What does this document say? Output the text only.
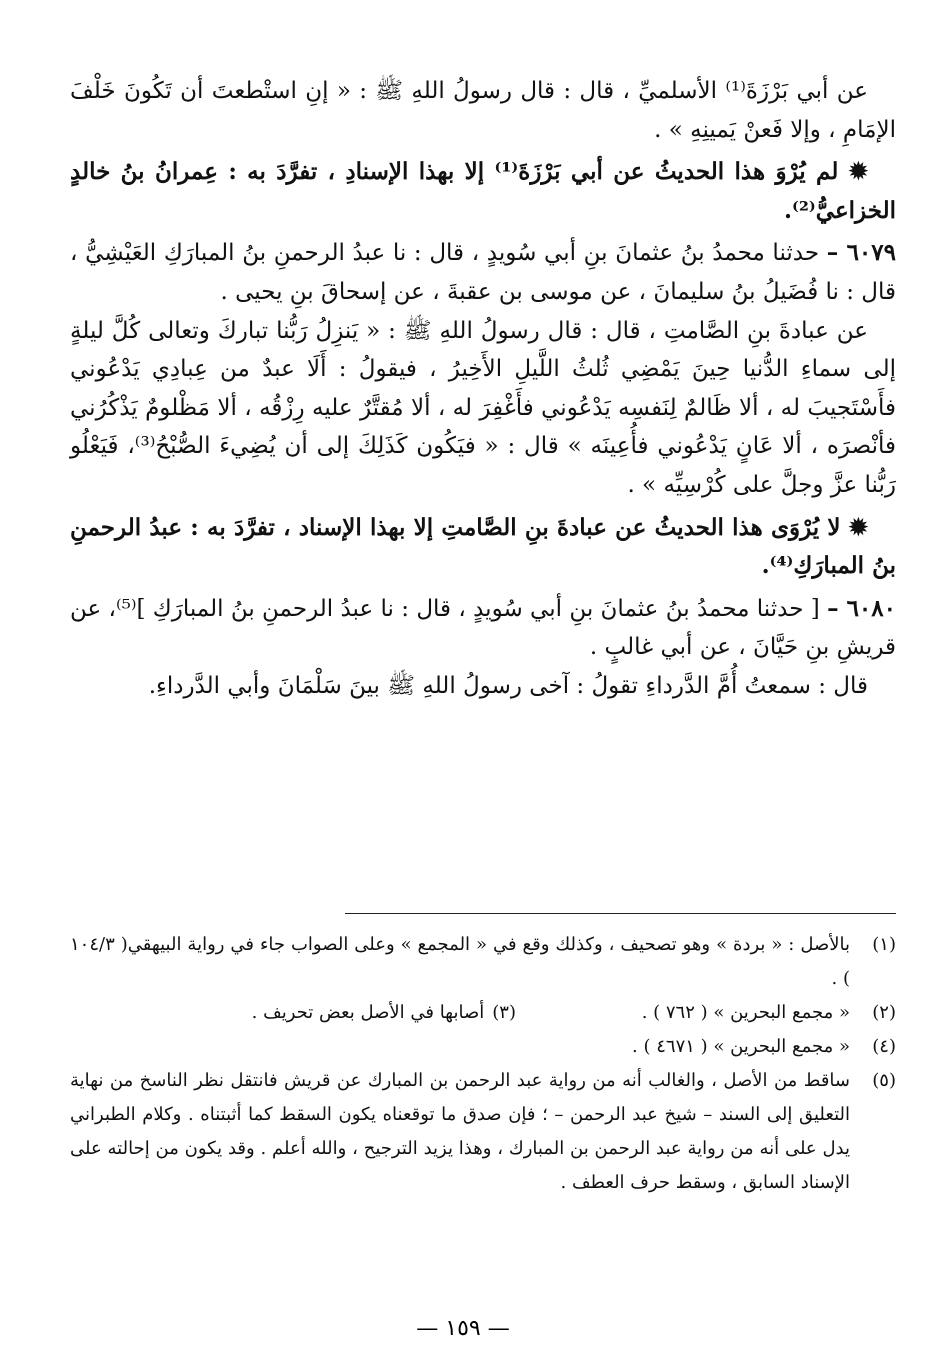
عن أبي بَرْزَةَ⁽¹⁾ الأسلميِّ ، قال : قال رسولُ اللهِ ﷺ : « إنِ استْطعتَ أن تَكُونَ خَلْفَ الإمَامِ ، وإلا فَعنْ يَمينِهِ » .

✹ لم يُرْوَ هذا الحديثُ عن أبي بَرْزَةَ⁽¹⁾ إلا بهذا الإسنادِ ، تفرَّدَ به : عِمرانُ بنُ خالدٍ الخزاعيُّ⁽²⁾.

٦٠٧٩ – حدثنا محمدُ بنُ عثمانَ بنِ أبي سُويدٍ ، قال : نا عبدُ الرحمنِ بنُ المبارَكِ العَيْشِيُّ ، قال : نا فُضَيلُ بنُ سليمانَ ، عن موسى بن عقبةَ ، عن إسحاقَ بنِ يحيى .

عن عبادةَ بنِ الصَّامتِ ، قال : قال رسولُ اللهِ ﷺ : « يَنزِلُ رَبُّنا تباركَ وتعالى كُلَّ ليلةٍ إلى سماءِ الدُّنيا حِينَ يَمْضِي ثُلثُ اللَّيلِ الأَخِيرُ ، فيقولُ : أَلَا عبدٌ من عِبادِي يَدْعُوني فأَسْتَجيبَ له ، ألا ظَالمٌ لِنَفسِه يَدْعُوني فأَغْفِرَ له ، ألا مُقتَّرٌ عليه رِزْقُه ، ألا مَظْلومٌ يَذْكُرُني فأنْصرَه ، ألا عَانٍ يَدْعُوني فأُعِينَه » قال : « فيَكُون كَذَلِكَ إلى أن يُضِيءَ الصُّبْحُ⁽³⁾، فَيَعْلُو رَبُّنا عزَّ وجلَّ على كُرْسِيِّه » .

✹ لا يُرْوَى هذا الحديثُ عن عبادةَ بنِ الصَّامتِ إلا بهذا الإسناد ، تفرَّدَ به : عبدُ الرحمنِ بنُ المبارَكِ⁽⁴⁾.

٦٠٨٠ – [ حدثنا محمدُ بنُ عثمانَ بنِ أبي سُويدٍ ، قال : نا عبدُ الرحمنِ بنُ المبارَكِ ]⁽⁵⁾، عن قريشِ بنِ حَيَّانَ ، عن أبي غالبٍ .

قال : سمعتُ أُمَّ الدَّرداءِ تقولُ : آخى رسولُ اللهِ ﷺ بينَ سَلْمَانَ وأبي الدَّرداءِ.

(١)
بالأصل : « بردة » وهو تصحيف ، وكذلك وقع في « المجمع » وعلى الصواب جاء في رواية البيهقي( ١٠٤/٣ ) .
(٢)
« مجمع البحرين » ( ٧٦٢ ) .
(٣)
أصابها في الأصل بعض تحريف .
(٤)
« مجمع البحرين » ( ٤٦٧١ ) .
(٥)
ساقط من الأصل ، والغالب أنه من رواية عبد الرحمن بن المبارك عن قريش فانتقل نظر الناسخ من نهاية التعليق إلى السند – شيخ عبد الرحمن – ؛ فإن صدق ما توقعناه يكون السقط كما أثبتناه . وكلام الطبراني يدل على أنه من رواية عبد الرحمن بن المبارك ، وهذا يزيد الترجيح ، والله أعلم . وقد يكون من إحالته على الإسناد السابق ، وسقط حرف العطف .
— ١٥٩ —
